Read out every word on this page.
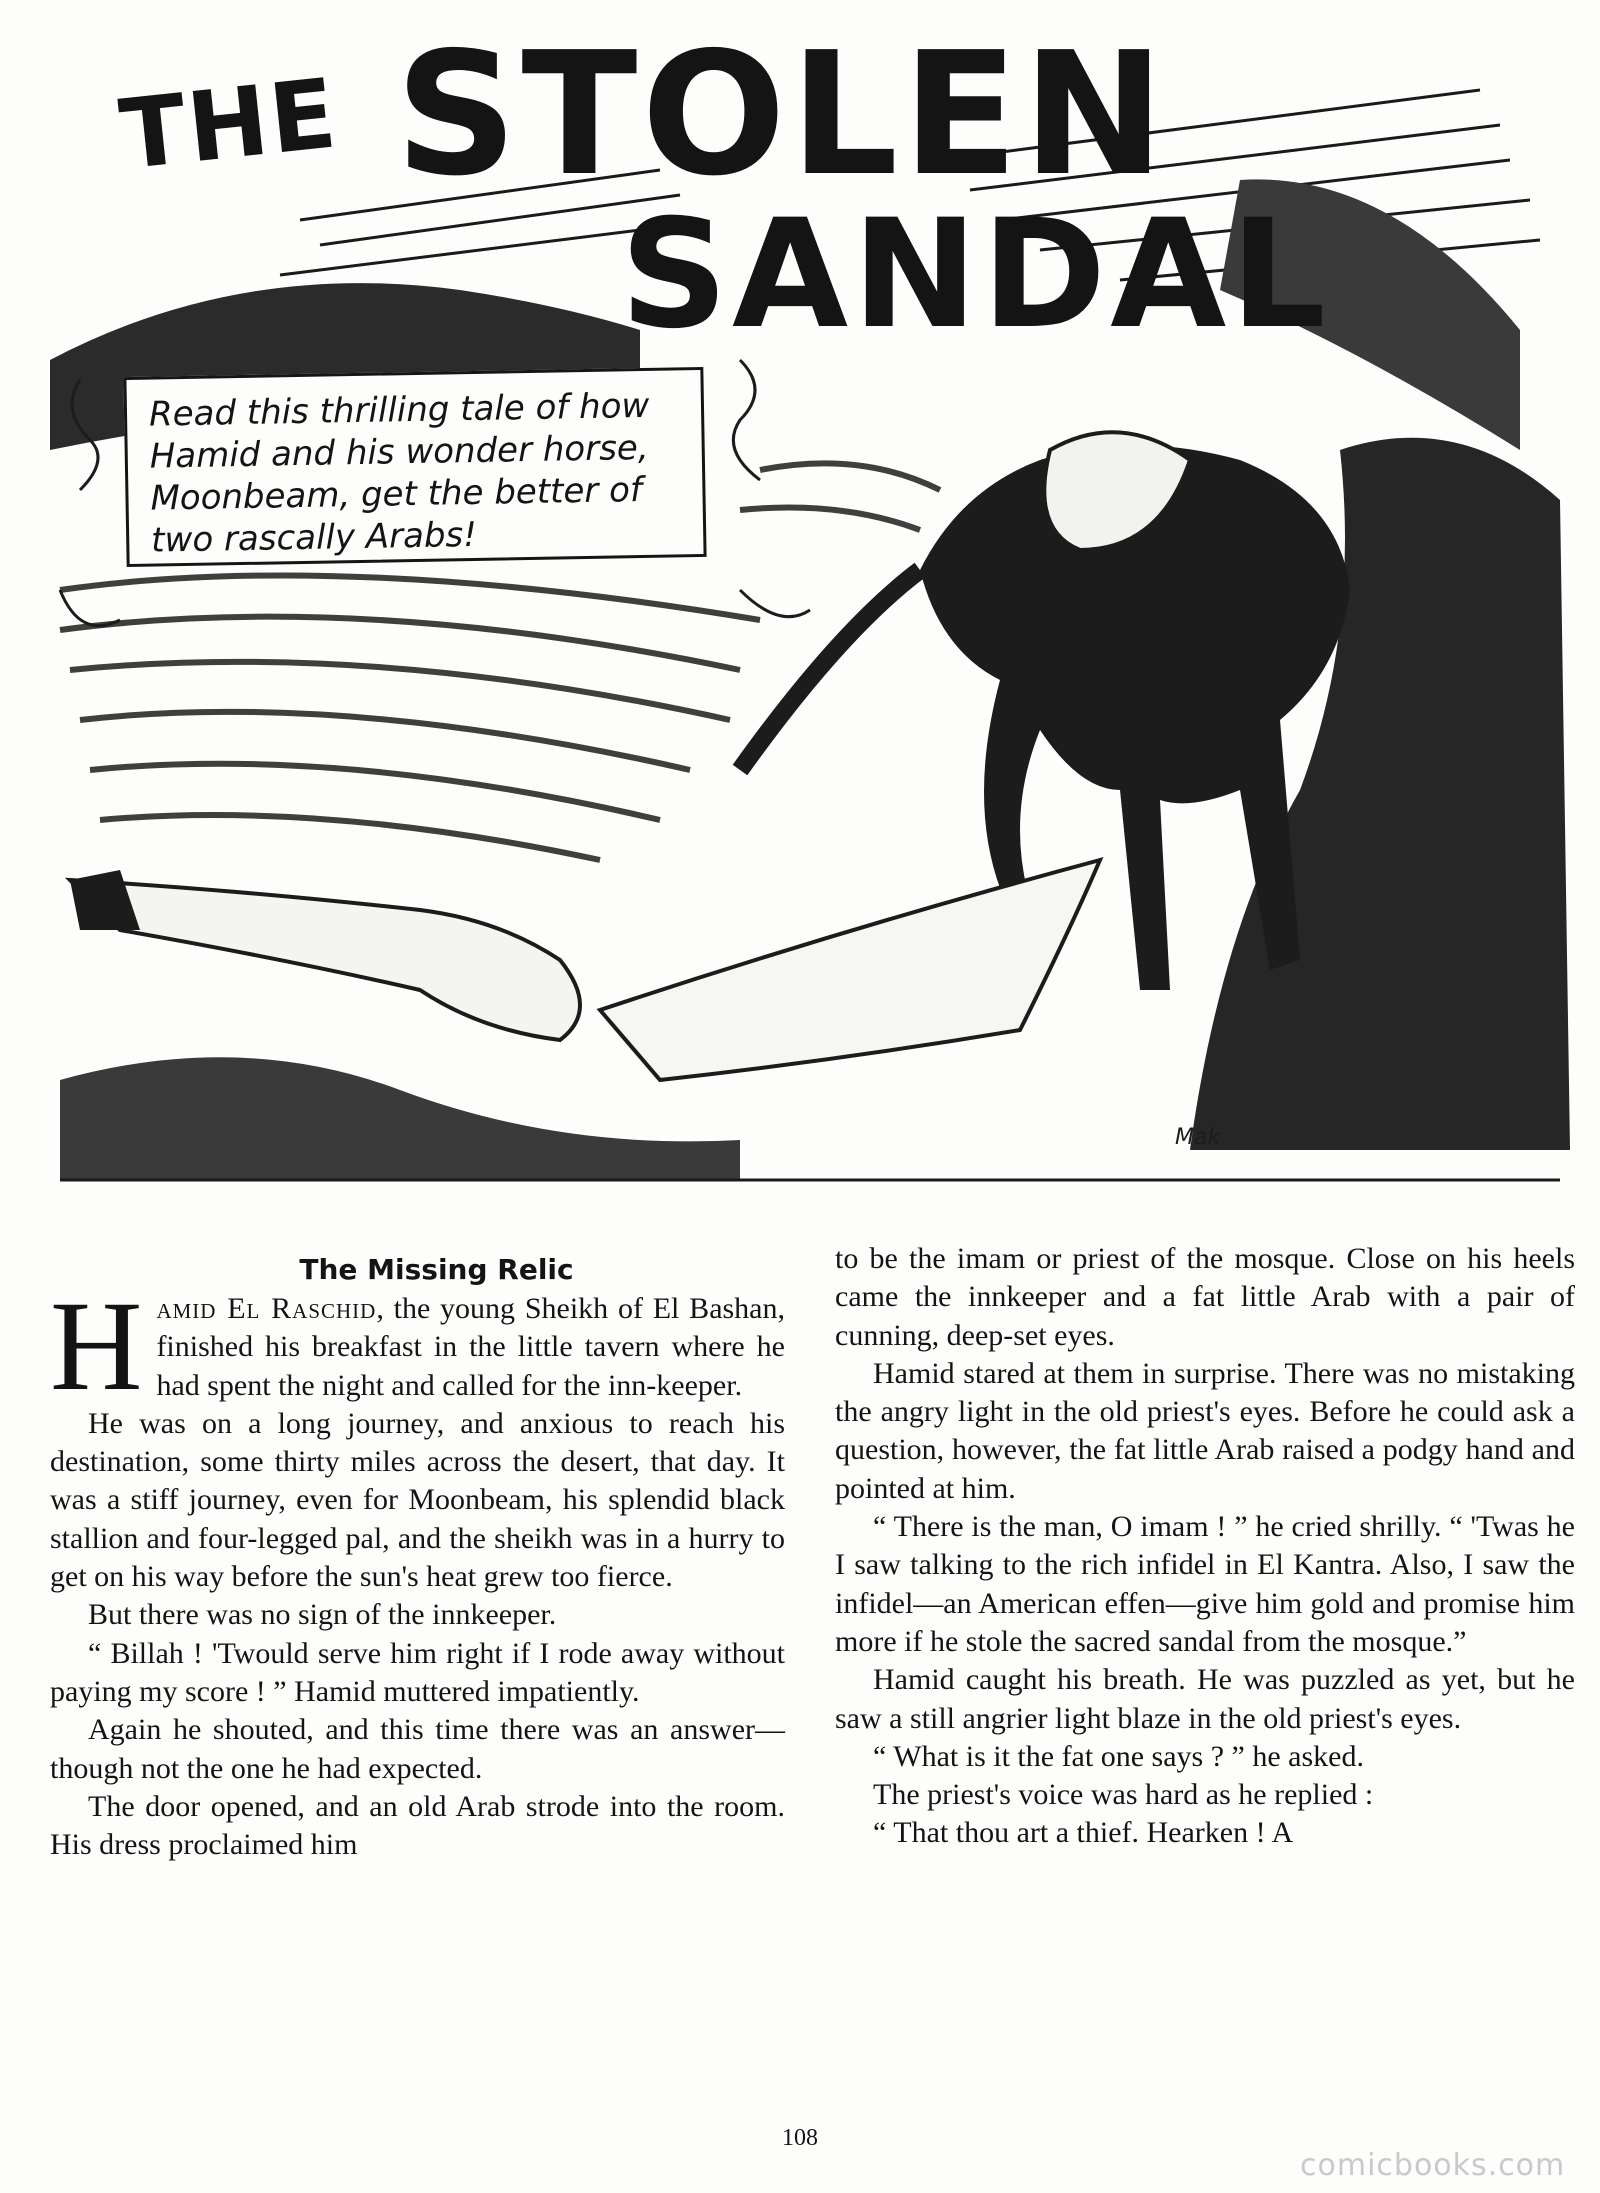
THE STOLEN
SANDAL
Read this thrilling tale of how Hamid and his wonder horse, Moonbeam, get the better of two rascally Arabs!
Mak

The Missing Relic

Hamid El Raschid, the young Sheikh of El Bashan, finished his breakfast in the little tavern where he had spent the night and called for the inn-keeper.

He was on a long journey, and anxious to reach his destination, some thirty miles across the desert, that day. It was a stiff journey, even for Moonbeam, his splendid black stallion and four-legged pal, and the sheikh was in a hurry to get on his way before the sun's heat grew too fierce.

But there was no sign of the innkeeper.

“ Billah ! 'Twould serve him right if I rode away without paying my score ! ” Hamid muttered impatiently.

Again he shouted, and this time there was an answer—though not the one he had expected.

The door opened, and an old Arab strode into the room. His dress proclaimed him

to be the imam or priest of the mosque. Close on his heels came the innkeeper and a fat little Arab with a pair of cunning, deep-set eyes.

Hamid stared at them in surprise. There was no mistaking the angry light in the old priest's eyes. Before he could ask a question, however, the fat little Arab raised a podgy hand and pointed at him.

“ There is the man, O imam ! ” he cried shrilly. “ 'Twas he I saw talking to the rich infidel in El Kantra. Also, I saw the infidel—an American effen—give him gold and promise him more if he stole the sacred sandal from the mosque.”

Hamid caught his breath. He was puzzled as yet, but he saw a still angrier light blaze in the old priest's eyes.

“ What is it the fat one says ? ” he asked.

The priest's voice was hard as he replied :

“ That thou art a thief. Hearken ! A

108
comicbooks.com
